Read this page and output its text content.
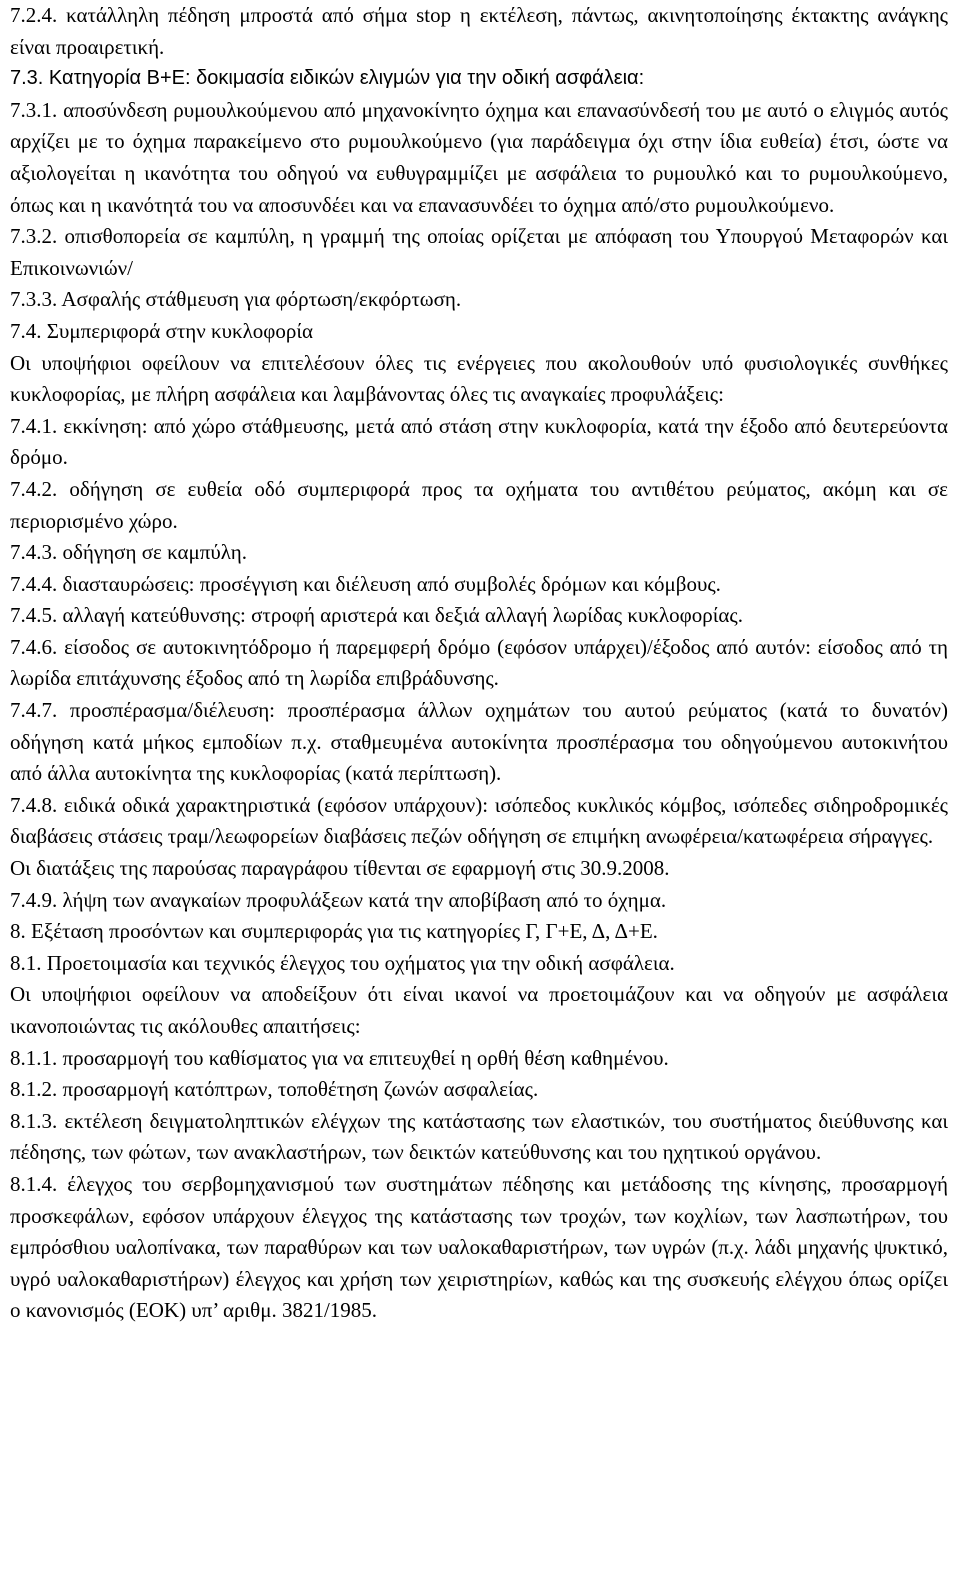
7.2.4. κατάλληλη πέδηση μπροστά από σήμα stop η εκτέλεση, πάντως, ακινητοποίησης έκτακτης ανάγκης είναι προαιρετική.

7.3. Κατηγορία B+E: δοκιμασία ειδικών ελιγμών για την οδική ασφάλεια:

7.3.1. αποσύνδεση ρυμουλκούμενου από μηχανοκίνητο όχημα και επανασύνδεσή του με αυτό ο ελιγμός αυτός αρχίζει με το όχημα παρακείμενο στο ρυμουλκούμενο (για παράδειγμα όχι στην ίδια ευθεία) έτσι, ώστε να αξιολογείται η ικανότητα του οδηγού να ευθυγραμμίζει με ασφάλεια το ρυμουλκό και το ρυμουλκούμενο, όπως και η ικανότητά του να αποσυνδέει και να επανασυνδέει το όχημα από/στο ρυμουλκούμενο.

7.3.2. οπισθοπορεία σε καμπύλη, η γραμμή της οποίας ορίζεται με απόφαση του Υπουργού Μεταφορών και Επικοινωνιών/

7.3.3. Ασφαλής στάθμευση για φόρτωση/εκφόρτωση.

7.4. Συμπεριφορά στην κυκλοφορία

Οι υποψήφιοι οφείλουν να επιτελέσουν όλες τις ενέργειες που ακολουθούν υπό φυσιολογικές συνθήκες κυκλοφορίας, με πλήρη ασφάλεια και λαμβάνοντας όλες τις αναγκαίες προφυλάξεις:

7.4.1. εκκίνηση: από χώρο στάθμευσης, μετά από στάση στην κυκλοφορία, κατά την έξοδο από δευτερεύοντα δρόμο.

7.4.2. οδήγηση σε ευθεία οδό συμπεριφορά προς τα οχήματα του αντιθέτου ρεύματος, ακόμη και σε περιορισμένο χώρο.

7.4.3. οδήγηση σε καμπύλη.

7.4.4. διασταυρώσεις: προσέγγιση και διέλευση από συμβολές δρόμων και κόμβους.

7.4.5. αλλαγή κατεύθυνσης: στροφή αριστερά και δεξιά αλλαγή λωρίδας κυκλοφορίας.

7.4.6. είσοδος σε αυτοκινητόδρομο ή παρεμφερή δρόμο (εφόσον υπάρχει)/έξοδος από αυτόν: είσοδος από τη λωρίδα επιτάχυνσης έξοδος από τη λωρίδα επιβράδυνσης.

7.4.7. προσπέρασμα/διέλευση: προσπέρασμα άλλων οχημάτων του αυτού ρεύματος (κατά το δυνατόν) οδήγηση κατά μήκος εμποδίων π.χ. σταθμευμένα αυτοκίνητα προσπέρασμα του οδηγούμενου αυτοκινήτου από άλλα αυτοκίνητα της κυκλοφορίας (κατά περίπτωση).

7.4.8. ειδικά οδικά χαρακτηριστικά (εφόσον υπάρχουν): ισόπεδος κυκλικός κόμβος, ισόπεδες σιδηροδρομικές διαβάσεις στάσεις τραμ/λεωφορείων διαβάσεις πεζών οδήγηση σε επιμήκη ανωφέρεια/κατωφέρεια σήραγγες.

Οι διατάξεις της παρούσας παραγράφου τίθενται σε εφαρμογή στις 30.9.2008.

7.4.9. λήψη των αναγκαίων προφυλάξεων κατά την αποβίβαση από το όχημα.

8. Εξέταση προσόντων και συμπεριφοράς για τις κατηγορίες Γ, Γ+Ε, Δ, Δ+Ε.

8.1. Προετοιμασία και τεχνικός έλεγχος του οχήματος για την οδική ασφάλεια.

Οι υποψήφιοι οφείλουν να αποδείξουν ότι είναι ικανοί να προετοιμάζουν και να οδηγούν με ασφάλεια ικανοποιώντας τις ακόλουθες απαιτήσεις:

8.1.1. προσαρμογή του καθίσματος για να επιτευχθεί η ορθή θέση καθημένου.

8.1.2. προσαρμογή κατόπτρων, τοποθέτηση ζωνών ασφαλείας.

8.1.3. εκτέλεση δειγματοληπτικών ελέγχων της κατάστασης των ελαστικών, του συστήματος διεύθυνσης και πέδησης, των φώτων, των ανακλαστήρων, των δεικτών κατεύθυνσης και του ηχητικού οργάνου.

8.1.4. έλεγχος του σερβομηχανισμού των συστημάτων πέδησης και μετάδοσης της κίνησης, προσαρμογή προσκεφάλων, εφόσον υπάρχουν έλεγχος της κατάστασης των τροχών, των κοχλίων, των λασπωτήρων, του εμπρόσθιου υαλοπίνακα, των παραθύρων και των υαλοκαθαριστήρων, των υγρών (π.χ. λάδι μηχανής ψυκτικό, υγρό υαλοκαθαριστήρων) έλεγχος και χρήση των χειριστηρίων, καθώς και της συσκευής ελέγχου όπως ορίζει ο κανονισμός (ΕΟΚ) υπ’ αριθμ. 3821/1985.
